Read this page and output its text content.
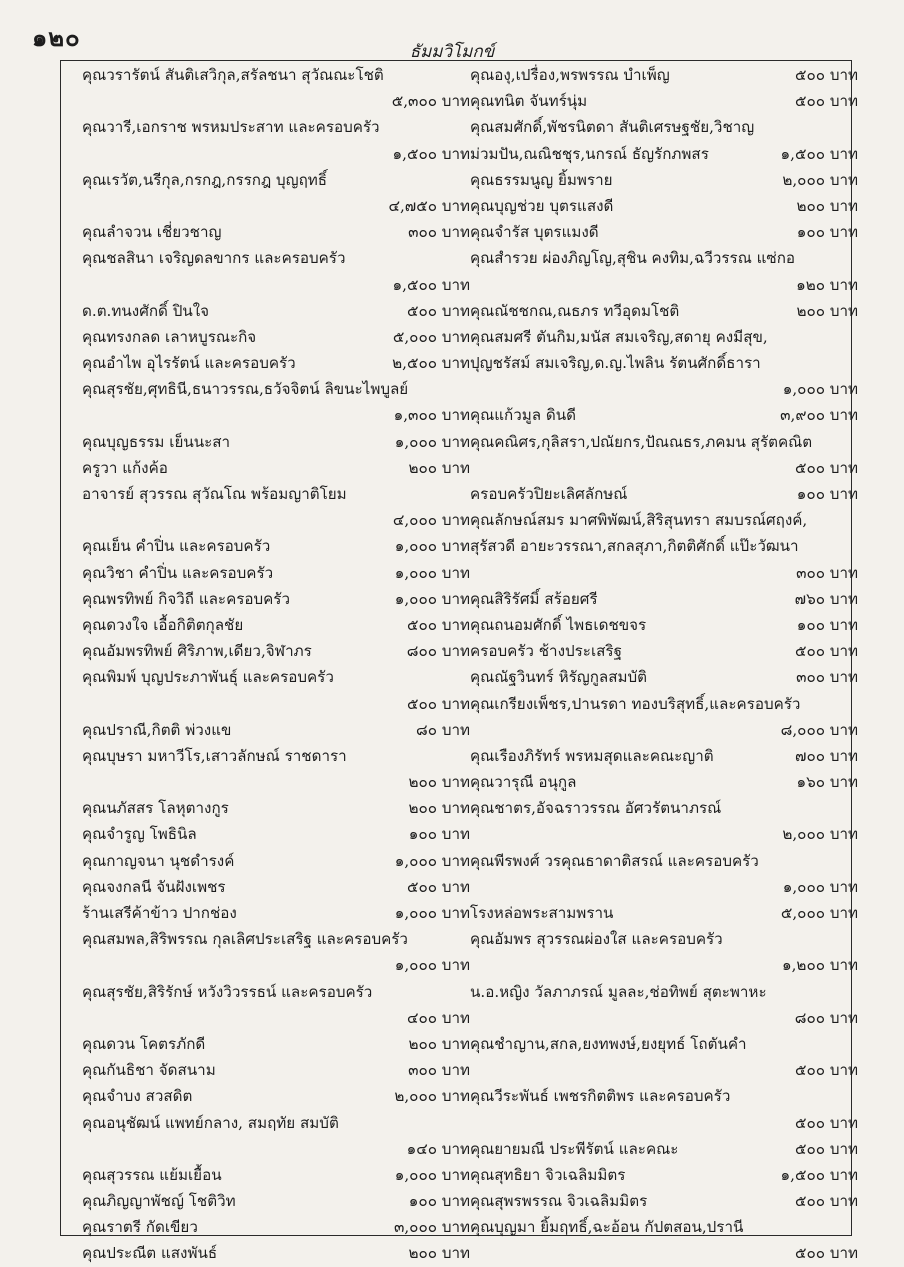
๑๒๐	ธัมมวิโมกข์
คุณวรารัตน์ สันติเสวิกุล,สรัลชนา สุวัณณะโชติ
๕,๓๐๐ บาท
คุณวารี,เอกราช พรหมประสาท และครอบครัว
๑,๕๐๐ บาท
คุณเรวัต,นรีกุล,กรกฎ,กรรกฎ บุญฤทธิ์
๔,๗๕๐ บาท
คุณลำจวน เชี่ยวชาญ	๓๐๐ บาท
คุณชลสินา เจริญดลขากร และครอบครัว
๑,๕๐๐ บาท
ด.ต.ทนงศักดิ์ ปินใจ	๕๐๐ บาท
คุณทรงกลด เลาหบูรณะกิจ	๕,๐๐๐ บาท
คุณอำไพ อุไรรัตน์ และครอบครัว	๒,๕๐๐ บาท
คุณสุรชัย,ศุทธินี,ธนาวรรณ,ธวัจจิตน์ ลิขนะไพบูลย์
๑,๓๐๐ บาท
คุณบุญธรรม เย็นนะสา	๑,๐๐๐ บาท
ครูวา แก้งค้อ	๒๐๐ บาท
อาจารย์ สุวรรณ สุวัณโณ พร้อมญาติโยม
๔,๐๐๐ บาท
คุณเย็น คำปิ่น และครอบครัว	๑,๐๐๐ บาท
คุณวิชา คำปิ่น และครอบครัว	๑,๐๐๐ บาท
คุณพรทิพย์ กิจวิถี และครอบครัว	๑,๐๐๐ บาท
คุณดวงใจ เอื้อกิติตกุลชัย	๕๐๐ บาท
คุณอัมพรทิพย์ ศิริภาพ,เดียว,จิฬาภร	๘๐๐ บาท
คุณพิมพ์ บุญประภาพันธุ์ และครอบครัว
๕๐๐ บาท
คุณปราณี,กิตติ พ่วงแข	๘๐ บาท
คุณบุษรา มหาวีโร,เสาวลักษณ์ ราชดารา
๒๐๐ บาท
คุณนภัสสร โลหุตางกูร	๒๐๐ บาท
คุณจำรูญ โพธินิล	๑๐๐ บาท
คุณกาญจนา นุชดำรงค์	๑,๐๐๐ บาท
คุณจงกลนี จันฝังเพชร	๕๐๐ บาท
ร้านเสรีค้าข้าว ปากช่อง	๑,๐๐๐ บาท
คุณสมพล,สิริพรรณ กุลเลิศประเสริฐ และครอบครัว
๑,๐๐๐ บาท
คุณสุรชัย,สิริรักษ์ หวังวิวรรธน์ และครอบครัว
๔๐๐ บาท
คุณดวน โคตรภักดี	๒๐๐ บาท
คุณกันธิชา จัดสนาม	๓๐๐ บาท
คุณจำบง สวสดิต	๒,๐๐๐ บาท
คุณอนุชัฒน์ แพทย์กลาง, สมฤทัย สมบัติ
๑๔๐ บาท
คุณสุวรรณ แย้มเยื้อน	๑,๐๐๐ บาท
คุณภิญญาพัชญ์ โชติวิท	๑๐๐ บาท
คุณราตรี กัดเขียว	๓,๐๐๐ บาท
คุณประณีต แสงพันธ์	๒๐๐ บาท
คุณองุ,เปรื่อง,พรพรรณ บำเพ็ญ	๕๐๐ บาท
คุณทนิต จันทร์นุ่ม	๕๐๐ บาท
คุณสมศักดิ์,พัชรนิตดา สันติเศรษฐชัย,วิชาญ
ม่วมปัน,ณณิชชุร,นกรณ์ ธัญรักภพสร	๑,๕๐๐ บาท
คุณธรรมนูญ ยิ้มพราย	๒,๐๐๐ บาท
คุณบุญช่วย บุตรแสงดี	๒๐๐ บาท
คุณจำรัส บุตรแมงดี	๑๐๐ บาท
คุณสำรวย ผ่องภิญโญ,สุชิน คงทิม,ฉวีวรรณ แซ่กอ
๑๒๐ บาท
คุณณัชชกณ,ณธภร ทวีอุดมโชติ	๒๐๐ บาท
คุณสมศรี ตันกิม,มนัส สมเจริญ,สดายุ คงมีสุข,
ปุญชรัสม์ สมเจริญ,ด.ญ.ไพลิน รัตนศักดิ์ธารา
๑,๐๐๐ บาท
คุณแก้วมูล ดินดี	๓,๙๐๐ บาท
คุณคณิศร,กุลิสรา,ปณัยกร,ปัณณธร,ภคมน สุรัตคณิต
๕๐๐ บาท
ครอบครัวปิยะเลิศลักษณ์	๑๐๐ บาท
คุณลักษณ์สมร มาศพิพัฒน์,สิริสุนทรา สมบรณ์ศฤงค์,
สุรัสวดี อายะวรรณา,สกลสุภา,กิตติศักดิ์ แป๊ะวัฒนา
๓๐๐ บาท
คุณสิริรัศมิ์ สร้อยศรี	๗๖๐ บาท
คุณถนอมศักดิ์ ไพธเดชขจร	๑๐๐ บาท
ครอบครัว ช้างประเสริฐ	๕๐๐ บาท
คุณณัฐวินทร์ หิรัญกูลสมบัติ	๓๐๐ บาท
คุณเกรียงเพ็ชร,ปานรดา ทองบริสุทธิ์,และครอบครัว
๘,๐๐๐ บาท
คุณเรืองภิรัทร์ พรหมสุดและคณะญาติ	๗๐๐ บาท
คุณวารุณี อนุกูล	๑๖๐ บาท
คุณชาตร,อัจฉราวรรณ อัศวรัตนาภรณ์
๒,๐๐๐ บาท
คุณพีรพงศ์ วรคุณธาดาติสรณ์ และครอบครัว
๑,๐๐๐ บาท
โรงหล่อพระสามพราน	๕,๐๐๐ บาท
คุณอัมพร สุวรรณผ่องใส และครอบครัว
๑,๒๐๐ บาท
น.อ.หญิง วัลภาภรณ์ มูลละ,ช่อทิพย์ สุตะพาหะ
๘๐๐ บาท
คุณชำญาน,สกล,ยงทพงษ์,ยงยุทธ์ โถตันคำ
๕๐๐ บาท
คุณวีระพันธ์ เพชรกิตติพร และครอบครัว
๕๐๐ บาท
คุณยายมณี ประพีรัตน์ และคณะ	๕๐๐ บาท
คุณสุทธิยา จิวเฉลิมมิตร	๑,๕๐๐ บาท
คุณสุพรพรรณ จิวเฉลิมมิตร	๕๐๐ บาท
คุณบุญมา ยิ้มฤทธิ์,ฉะอ้อน กัปตสอน,ปรานี
๕๐๐ บาท
